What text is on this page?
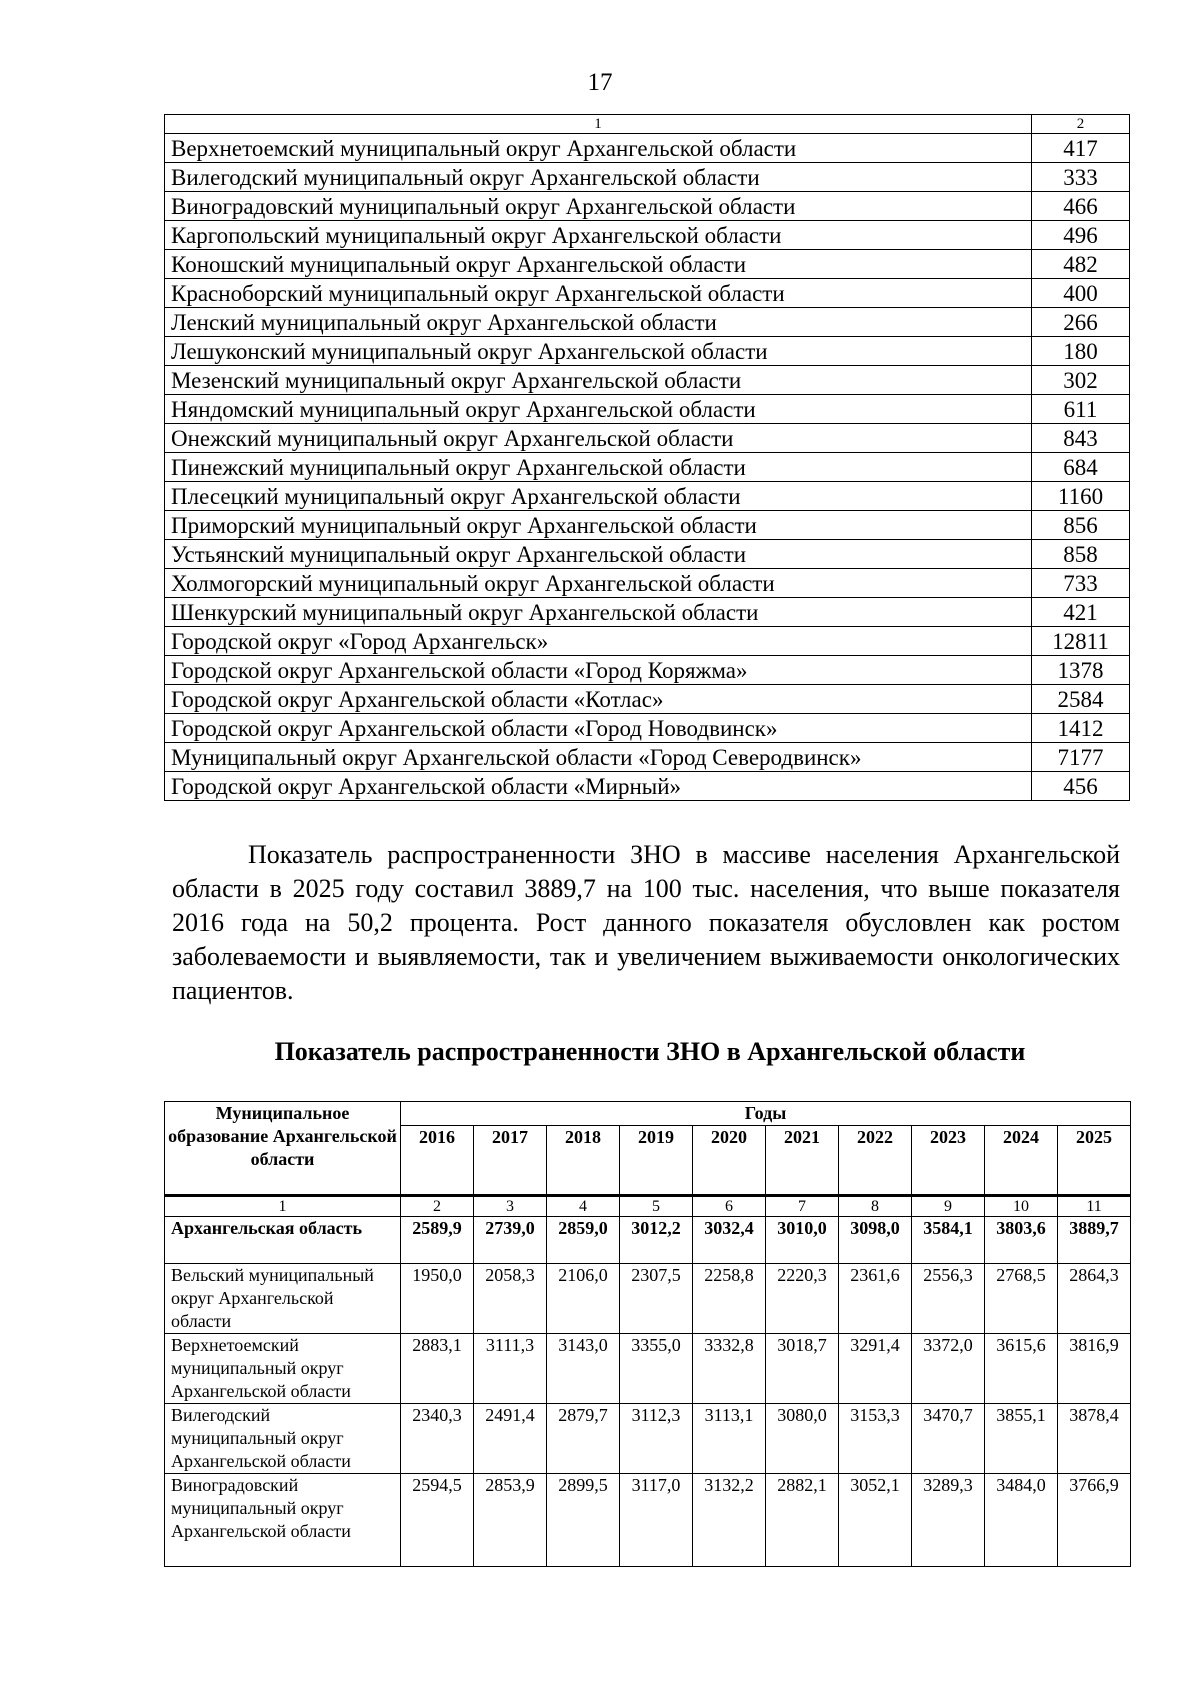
17
1	2
Верхнетоемский муниципальный округ Архангельской области	417
Вилегодский муниципальный округ Архангельской области	333
Виноградовский муниципальный округ Архангельской области	466
Каргопольский муниципальный округ Архангельской области	496
Коношский муниципальный округ Архангельской области	482
Красноборский муниципальный округ Архангельской области	400
Ленский муниципальный округ Архангельской области	266
Лешуконский муниципальный округ Архангельской области	180
Мезенский муниципальный округ Архангельской области	302
Няндомский муниципальный округ Архангельской области	611
Онежский муниципальный округ Архангельской области	843
Пинежский муниципальный округ Архангельской области	684
Плесецкий муниципальный округ Архангельской области	1160
Приморский муниципальный округ Архангельской области	856
Устьянский муниципальный округ Архангельской области	858
Холмогорский муниципальный округ Архангельской области	733
Шенкурский муниципальный округ Архангельской области	421
Городской округ «Город Архангельск»	12811
Городской округ Архангельской области «Город Коряжма»	1378
Городской округ Архангельской области «Котлас»	2584
Городской округ Архангельской области «Город Новодвинск»	1412
Муниципальный округ Архангельской области «Город Северодвинск»	7177
Городской округ Архангельской области «Мирный»	456
Показатель распространенности ЗНО в массиве населения Архангельской области в 2025 году составил 3889,7 на 100 тыс. населения, что выше показателя 2016 года на 50,2 процента. Рост данного показателя обусловлен как ростом заболеваемости и выявляемости, так и увеличением выживаемости онкологических пациентов.
Показатель распространенности ЗНО в Архангельской области
Муниципальное образование Архангельской области	Годы									
	2016	2017	2018	2019	2020	2021	2022	2023	2024	2025
1	2	3	4	5	6	7	8	9	10	11
Архангельская область	2589,9	2739,0	2859,0	3012,2	3032,4	3010,0	3098,0	3584,1	3803,6	3889,7
Вельский муниципальный округ Архангельской области	1950,0	2058,3	2106,0	2307,5	2258,8	2220,3	2361,6	2556,3	2768,5	2864,3
Верхнетоемский муниципальный округ Архангельской области	2883,1	3111,3	3143,0	3355,0	3332,8	3018,7	3291,4	3372,0	3615,6	3816,9
Вилегодский муниципальный округ Архангельской области	2340,3	2491,4	2879,7	3112,3	3113,1	3080,0	3153,3	3470,7	3855,1	3878,4
Виноградовский муниципальный округ Архангельской области	2594,5	2853,9	2899,5	3117,0	3132,2	2882,1	3052,1	3289,3	3484,0	3766,9
